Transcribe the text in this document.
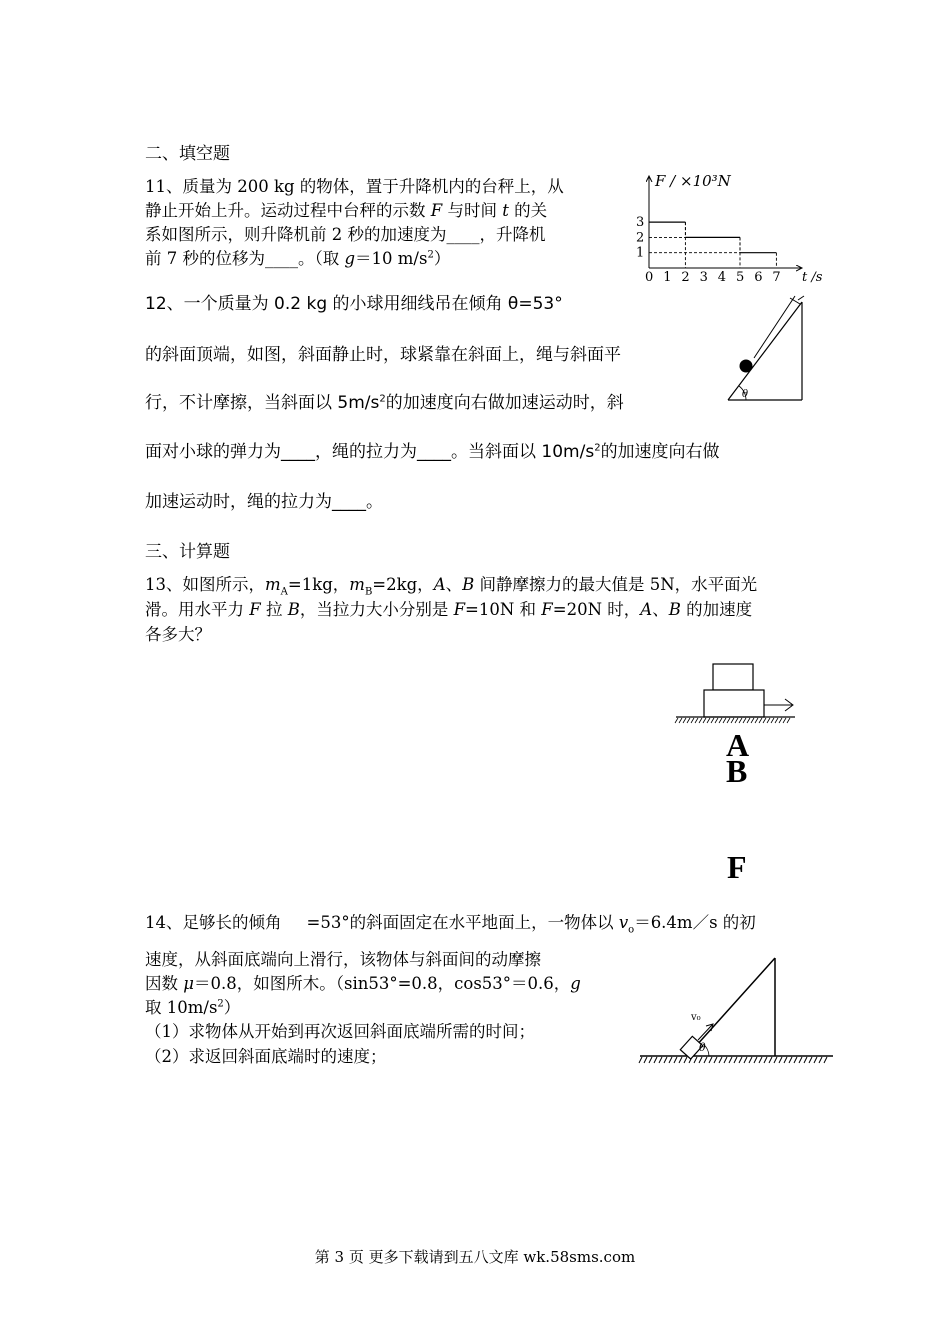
二、填空题
11、质量为 200 kg 的物体，置于升降机内的台秤上，从
静止开始上升。运动过程中台秤的示数 F 与时间 t 的关
系如图所示，则升降机前 2 秒的加速度为____，升降机
前 7 秒的位移为____。（取 g＝10 $m/s^2$）
F / ×10³N
t /s
0 1 2 3 4 5 6 7
1
2
3
12、一个质量为 0.2 kg 的小球用细线吊在倾角 θ=53°
的斜面顶端，如图，斜面静止时，球紧靠在斜面上，绳与斜面平
行，不计摩擦，当斜面以 $5m/s^2$的加速度向右做加速运动时，斜
面对小球的弹力为____，绳的拉力为____。当斜面以 $10m/s^2$的加速度向右做
加速运动时，绳的拉力为____。
θ
三、计算题
13、如图所示，$m_A=1kg$，$m_B=2kg$，A、B 间静摩擦力的最大值是 5N，水平面光
滑。用水平力 F 拉 B，当拉力大小分别是 F=10N 和 F=20N 时，A、B 的加速度
各多大？
A
B
F
14、足够长的倾角 =53°的斜面固定在水平地面上，一物体以 $v_o=6.4m/s$ 的初
速度，从斜面底端向上滑行，该物体与斜面间的动摩擦
因数 μ＝0.8，如图所木。（sin53°=0.8，cos53°＝0.6，g
取 $10m/s^2$）
（1）求物体从开始到再次返回斜面底端所需的时间；
（2）求返回斜面底端时的速度；
v₀
θ
第 3 页 更多下载请到五八文库 wk.58sms.com
